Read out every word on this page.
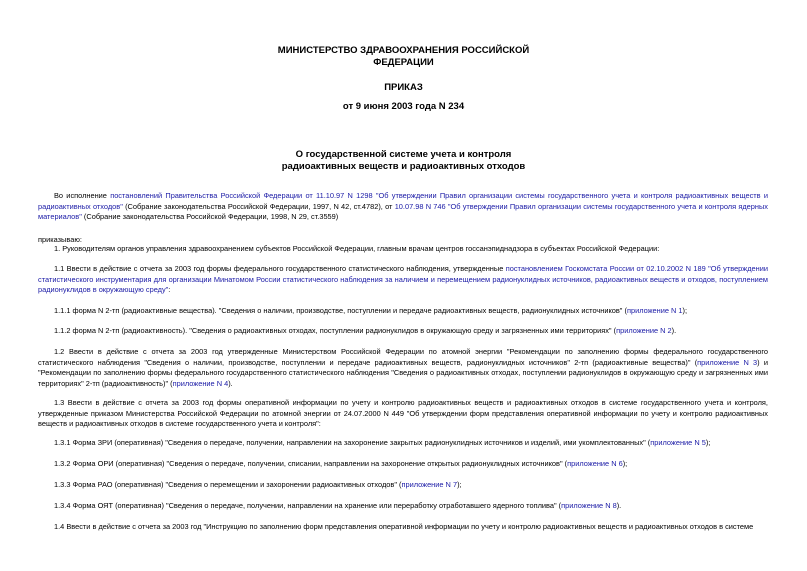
МИНИСТЕРСТВО ЗДРАВООХРАНЕНИЯ РОССИЙСКОЙ
ФЕДЕРАЦИИ
ПРИКАЗ
от 9 июня 2003 года N 234
О государственной системе учета и контроля
радиоактивных веществ и радиоактивных отходов
Во исполнение постановлений Правительства Российской Федерации от 11.10.97 N 1298 "Об утверждении Правил организации системы государственного учета и контроля радиоактивных веществ и радиоактивных отходов" (Собрание законодательства Российской Федерации, 1997, N 42, ст.4782), от 10.07.98 N 746 "Об утверждении Правил организации системы государственного учета и контроля ядерных материалов" (Собрание законодательства Российской Федерации, 1998, N 29, ст.3559)
приказываю:
1. Руководителям органов управления здравоохранением субъектов Российской Федерации, главным врачам центров госсанэпиднадзора в субъектах Российской Федерации:
1.1 Ввести в действие с отчета за 2003 год формы федерального государственного статистического наблюдения, утвержденные постановлением Госкомстата России от 02.10.2002 N 189 "Об утверждении статистического инструментария для организации Минатомом России статистического наблюдения за наличием и перемещением радионуклидных источников, радиоактивных веществ и отходов, поступлением радионуклидов в окружающую среду":
1.1.1 форма N 2-тп (радиоактивные вещества). "Сведения о наличии, производстве, поступлении и передаче радиоактивных веществ, радионуклидных источников" (приложение N 1);
1.1.2 форма N 2-тп (радиоактивность). "Сведения о радиоактивных отходах, поступлении радионуклидов в окружающую среду и загрязненных ими территориях" (приложение N 2).
1.2 Ввести в действие с отчета за 2003 год утвержденные Министерством Российской Федерации по атомной энергии "Рекомендации по заполнению формы федерального государственного статистического наблюдения "Сведения о наличии, производстве, поступлении и передаче радиоактивных веществ, радионуклидных источников" 2-тп (радиоактивные вещества)" (приложение N 3) и "Рекомендации по заполнению формы федерального государственного статистического наблюдения "Сведения о радиоактивных отходах, поступлении радионуклидов в окружающую среду и загрязненных ими территориях" 2-тп (радиоактивность)" (приложение N 4).
1.3 Ввести в действие с отчета за 2003 год формы оперативной информации по учету и контролю радиоактивных веществ и радиоактивных отходов в системе государственного учета и контроля, утвержденные приказом Министерства Российской Федерации по атомной энергии от 24.07.2000 N 449 "Об утверждении форм представления оперативной информации по учету и контролю радиоактивных веществ и радиоактивных отходов в системе государственного учета и контроля":
1.3.1 Форма ЗРИ (оперативная) "Сведения о передаче, получении, направлении на захоронение закрытых радионуклидных источников и изделий, ими укомплектованных" (приложение N 5);
1.3.2 Форма ОРИ (оперативная) "Сведения о передаче, получении, списании, направлении на захоронение открытых радионуклидных источников" (приложение N 6);
1.3.3 Форма РАО (оперативная) "Сведения о перемещении и захоронении радиоактивных отходов" (приложение N 7);
1.3.4 Форма ОЯТ (оперативная) "Сведения о передаче, получении, направлении на хранение или переработку отработавшего ядерного топлива" (приложение N 8).
1.4 Ввести в действие с отчета за 2003 год "Инструкцию по заполнению форм представления оперативной информации по учету и контролю радиоактивных веществ и радиоактивных отходов в системе
